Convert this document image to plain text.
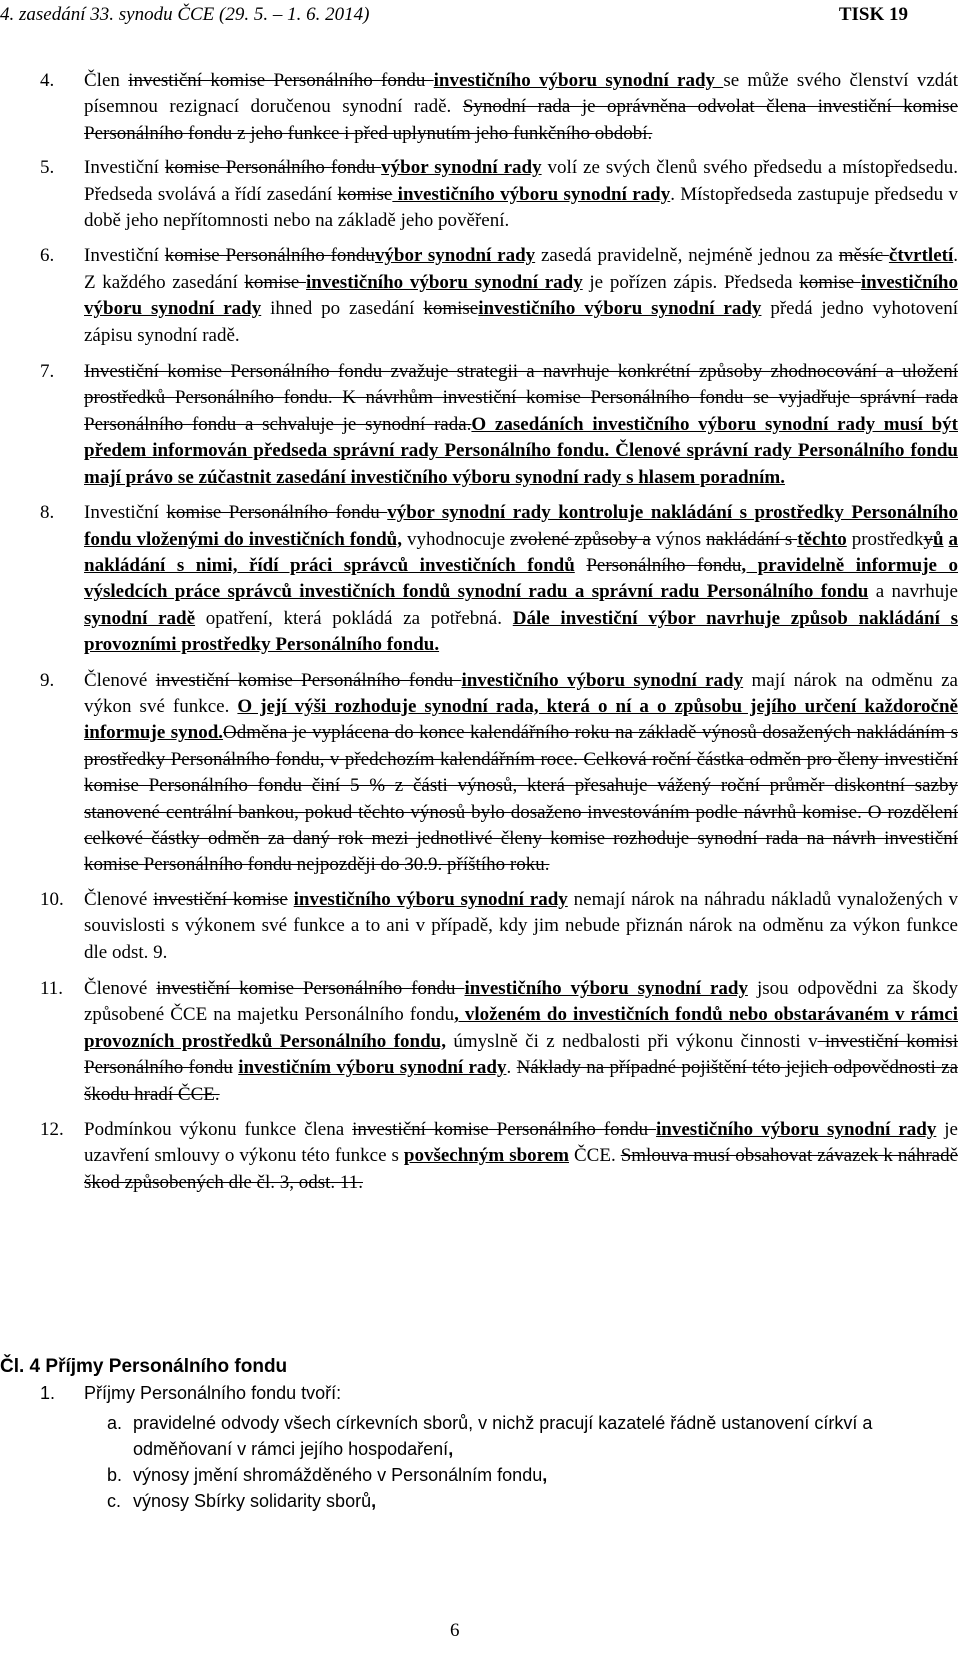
4. zasedání 33. synodu ČCE (29. 5. – 1. 6. 2014)	TISK 19
4.	Člen investiční komise Personálního fondu investičního výboru synodní rady se může svého členství vzdát písemnou rezignací doručenou synodní radě. Synodní rada je oprávněna odvolat člena investiční komise Personálního fondu z jeho funkce i před uplynutím jeho funkčního období.
5.	Investiční komise Personálního fondu výbor synodní rady volí ze svých členů svého předsedu a místopředsedu. Předseda svolává a řídí zasedání komise investičního výboru synodní rady. Místopředseda zastupuje předsedu v době jeho nepřítomnosti nebo na základě jeho pověření.
6.	Investiční komise Personálního fonduvýbor synodní rady zasedá pravidelně, nejméně jednou za měsíc čtvrtletí. Z každého zasedání komise investičního výboru synodní rady je pořízen zápis. Předseda komise investičního výboru synodní rady ihned po zasedání komiseinvestičního výboru synodní rady předá jedno vyhotovení zápisu synodní radě.
7.	Investiční komise Personálního fondu zvažuje strategii a navrhuje konkrétní způsoby zhodnocování a uložení prostředků Personálního fondu. K návrhům investiční komise Personálního fondu se vyjadřuje správní rada Personálního fondu a schvaluje je synodní rada.O zasedáních investičního výboru synodní rady musí být předem informován předseda správní rady Personálního fondu. Členové správní rady Personálního fondu mají právo se zúčastnit zasedání investičního výboru synodní rady s hlasem poradním.
8.	Investiční komise Personálního fondu výbor synodní rady kontroluje nakládání s prostředky Personálního fondu vloženými do investičních fondů, vyhodnocuje zvolené způsoby a výnos nakládání s těchto prostředkyů a nakládání s nimi, řídí práci správců investičních fondů Personálního fondu, pravidelně informuje o výsledcích práce správců investičních fondů synodní radu a správní radu Personálního fondu a navrhuje synodní radě opatření, která pokládá za potřebná. Dále investiční výbor navrhuje způsob nakládání s provozními prostředky Personálního fondu.
9.	Členové investiční komise Personálního fondu investičního výboru synodní rady mají nárok na odměnu za výkon své funkce. O její výši rozhoduje synodní rada, která o ní a o způsobu jejího určení každoročně informuje synod.Odměna je vyplácena do konce kalendářního roku na základě výnosů dosažených nakládáním s prostředky Personálního fondu, v předchozím kalendářním roce. Celková roční částka odměn pro členy investiční komise Personálního fondu činí 5 % z části výnosů, která přesahuje vážený roční průměr diskontní sazby stanovené centrální bankou, pokud těchto výnosů bylo dosaženo investováním podle návrhů komise. O rozdělení celkové částky odměn za daný rok mezi jednotlivé členy komise rozhoduje synodní rada na návrh investiční komise Personálního fondu nejpozději do 30.9. příštího roku.
10.	Členové investiční komise investičního výboru synodní rady nemají nárok na náhradu nákladů vynaložených v souvislosti s výkonem své funkce a to ani v případě, kdy jim nebude přiznán nárok na odměnu za výkon funkce dle odst. 9.
11.	Členové investiční komise Personálního fondu investičního výboru synodní rady jsou odpovědni za škody způsobené ČCE na majetku Personálního fondu, vloženém do investičních fondů nebo obstarávaném v rámci provozních prostředků Personálního fondu, úmyslně či z nedbalosti při výkonu činnosti v investiční komisi Personálního fondu investičním výboru synodní rady. Náklady na případné pojištění této jejich odpovědnosti za škodu hradí ČCE.
12.	Podmínkou výkonu funkce člena investiční komise Personálního fondu investičního výboru synodní rady je uzavření smlouvy o výkonu této funkce s povšechným sborem ČCE. Smlouva musí obsahovat závazek k náhradě škod způsobených dle čl. 3, odst. 11.
Čl. 4 Příjmy Personálního fondu
1. Příjmy Personálního fondu tvoří:
a. pravidelné odvody všech církevních sborů, v nichž pracují kazatelé řádně ustanovení církví a odměňovaní v rámci jejího hospodaření,
b. výnosy jmění shromážděného v Personálním fondu,
c. výnosy Sbírky solidarity sborů,
6
